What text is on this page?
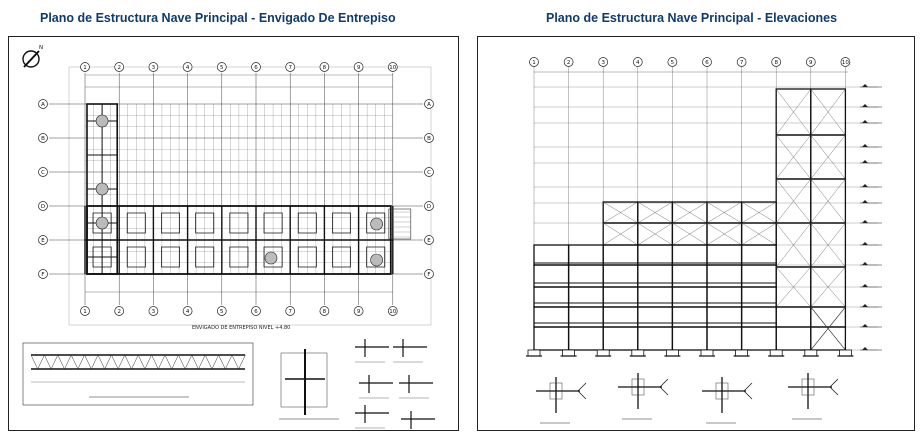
Plano de Estructura Nave Principal - Envigado De Entrepiso	Plano de Estructura Nave Principal - Elevaciones
N
1
1
2
2
3
3
4
4
5
5
6
6
7
7
8
8
9
9
10
10
A	A
B	B
C	C
D	D
E	E
F	F
ENVIGADO DE ENTREPISO NIVEL +4.80
1	2	3	4	5	6	7	8	9	10
